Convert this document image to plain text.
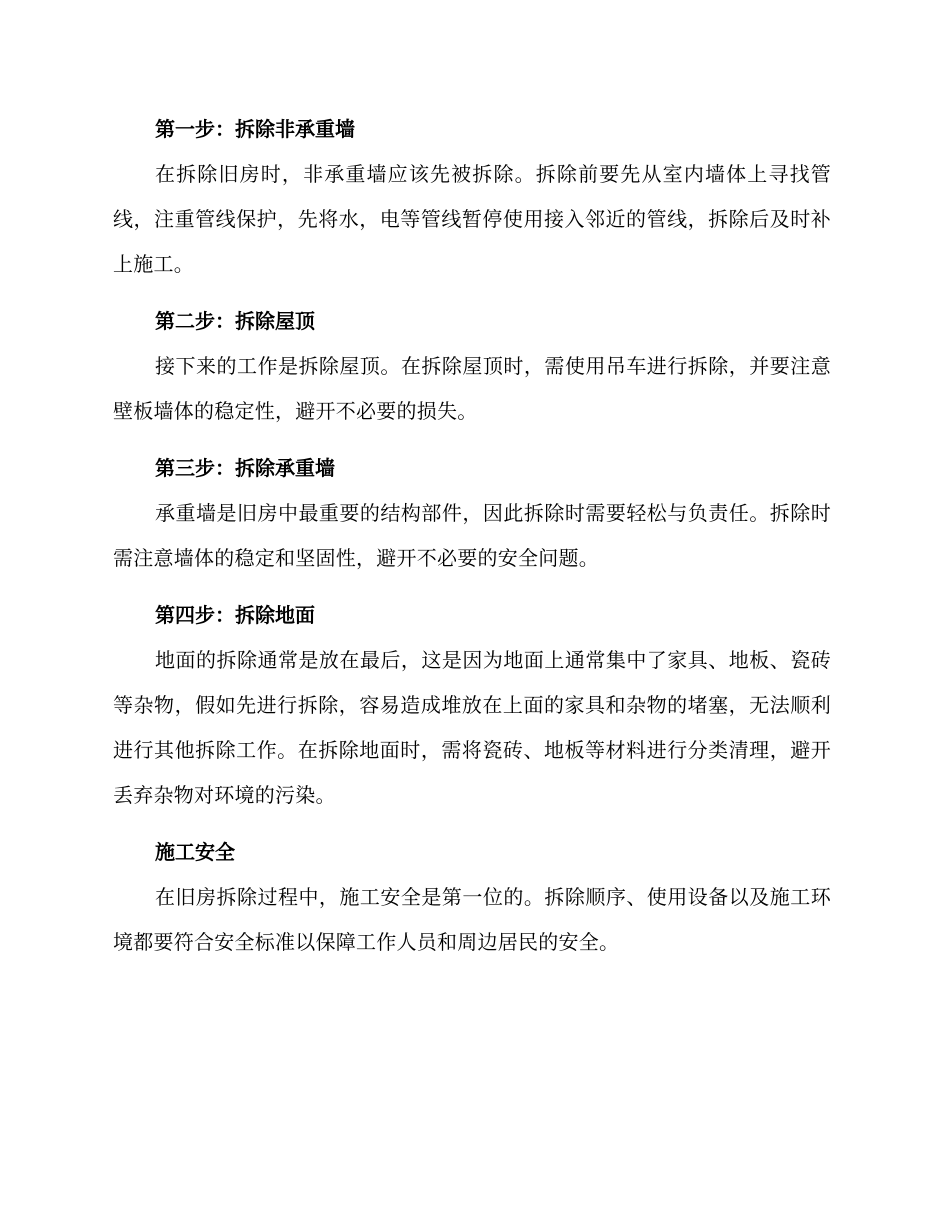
第一步：拆除非承重墙

在拆除旧房时，非承重墙应该先被拆除。拆除前要先从室内墙体上寻找管线，注重管线保护，先将水，电等管线暂停使用接入邻近的管线，拆除后及时补上施工。

第二步：拆除屋顶

接下来的工作是拆除屋顶。在拆除屋顶时，需使用吊车进行拆除，并要注意壁板墙体的稳定性，避开不必要的损失。

第三步：拆除承重墙

承重墙是旧房中最重要的结构部件，因此拆除时需要轻松与负责任。拆除时需注意墙体的稳定和坚固性，避开不必要的安全问题。

第四步：拆除地面

地面的拆除通常是放在最后，这是因为地面上通常集中了家具、地板、瓷砖等杂物，假如先进行拆除，容易造成堆放在上面的家具和杂物的堵塞，无法顺利进行其他拆除工作。在拆除地面时，需将瓷砖、地板等材料进行分类清理，避开丢弃杂物对环境的污染。

施工安全

在旧房拆除过程中，施工安全是第一位的。拆除顺序、使用设备以及施工环境都要符合安全标准以保障工作人员和周边居民的安全。
